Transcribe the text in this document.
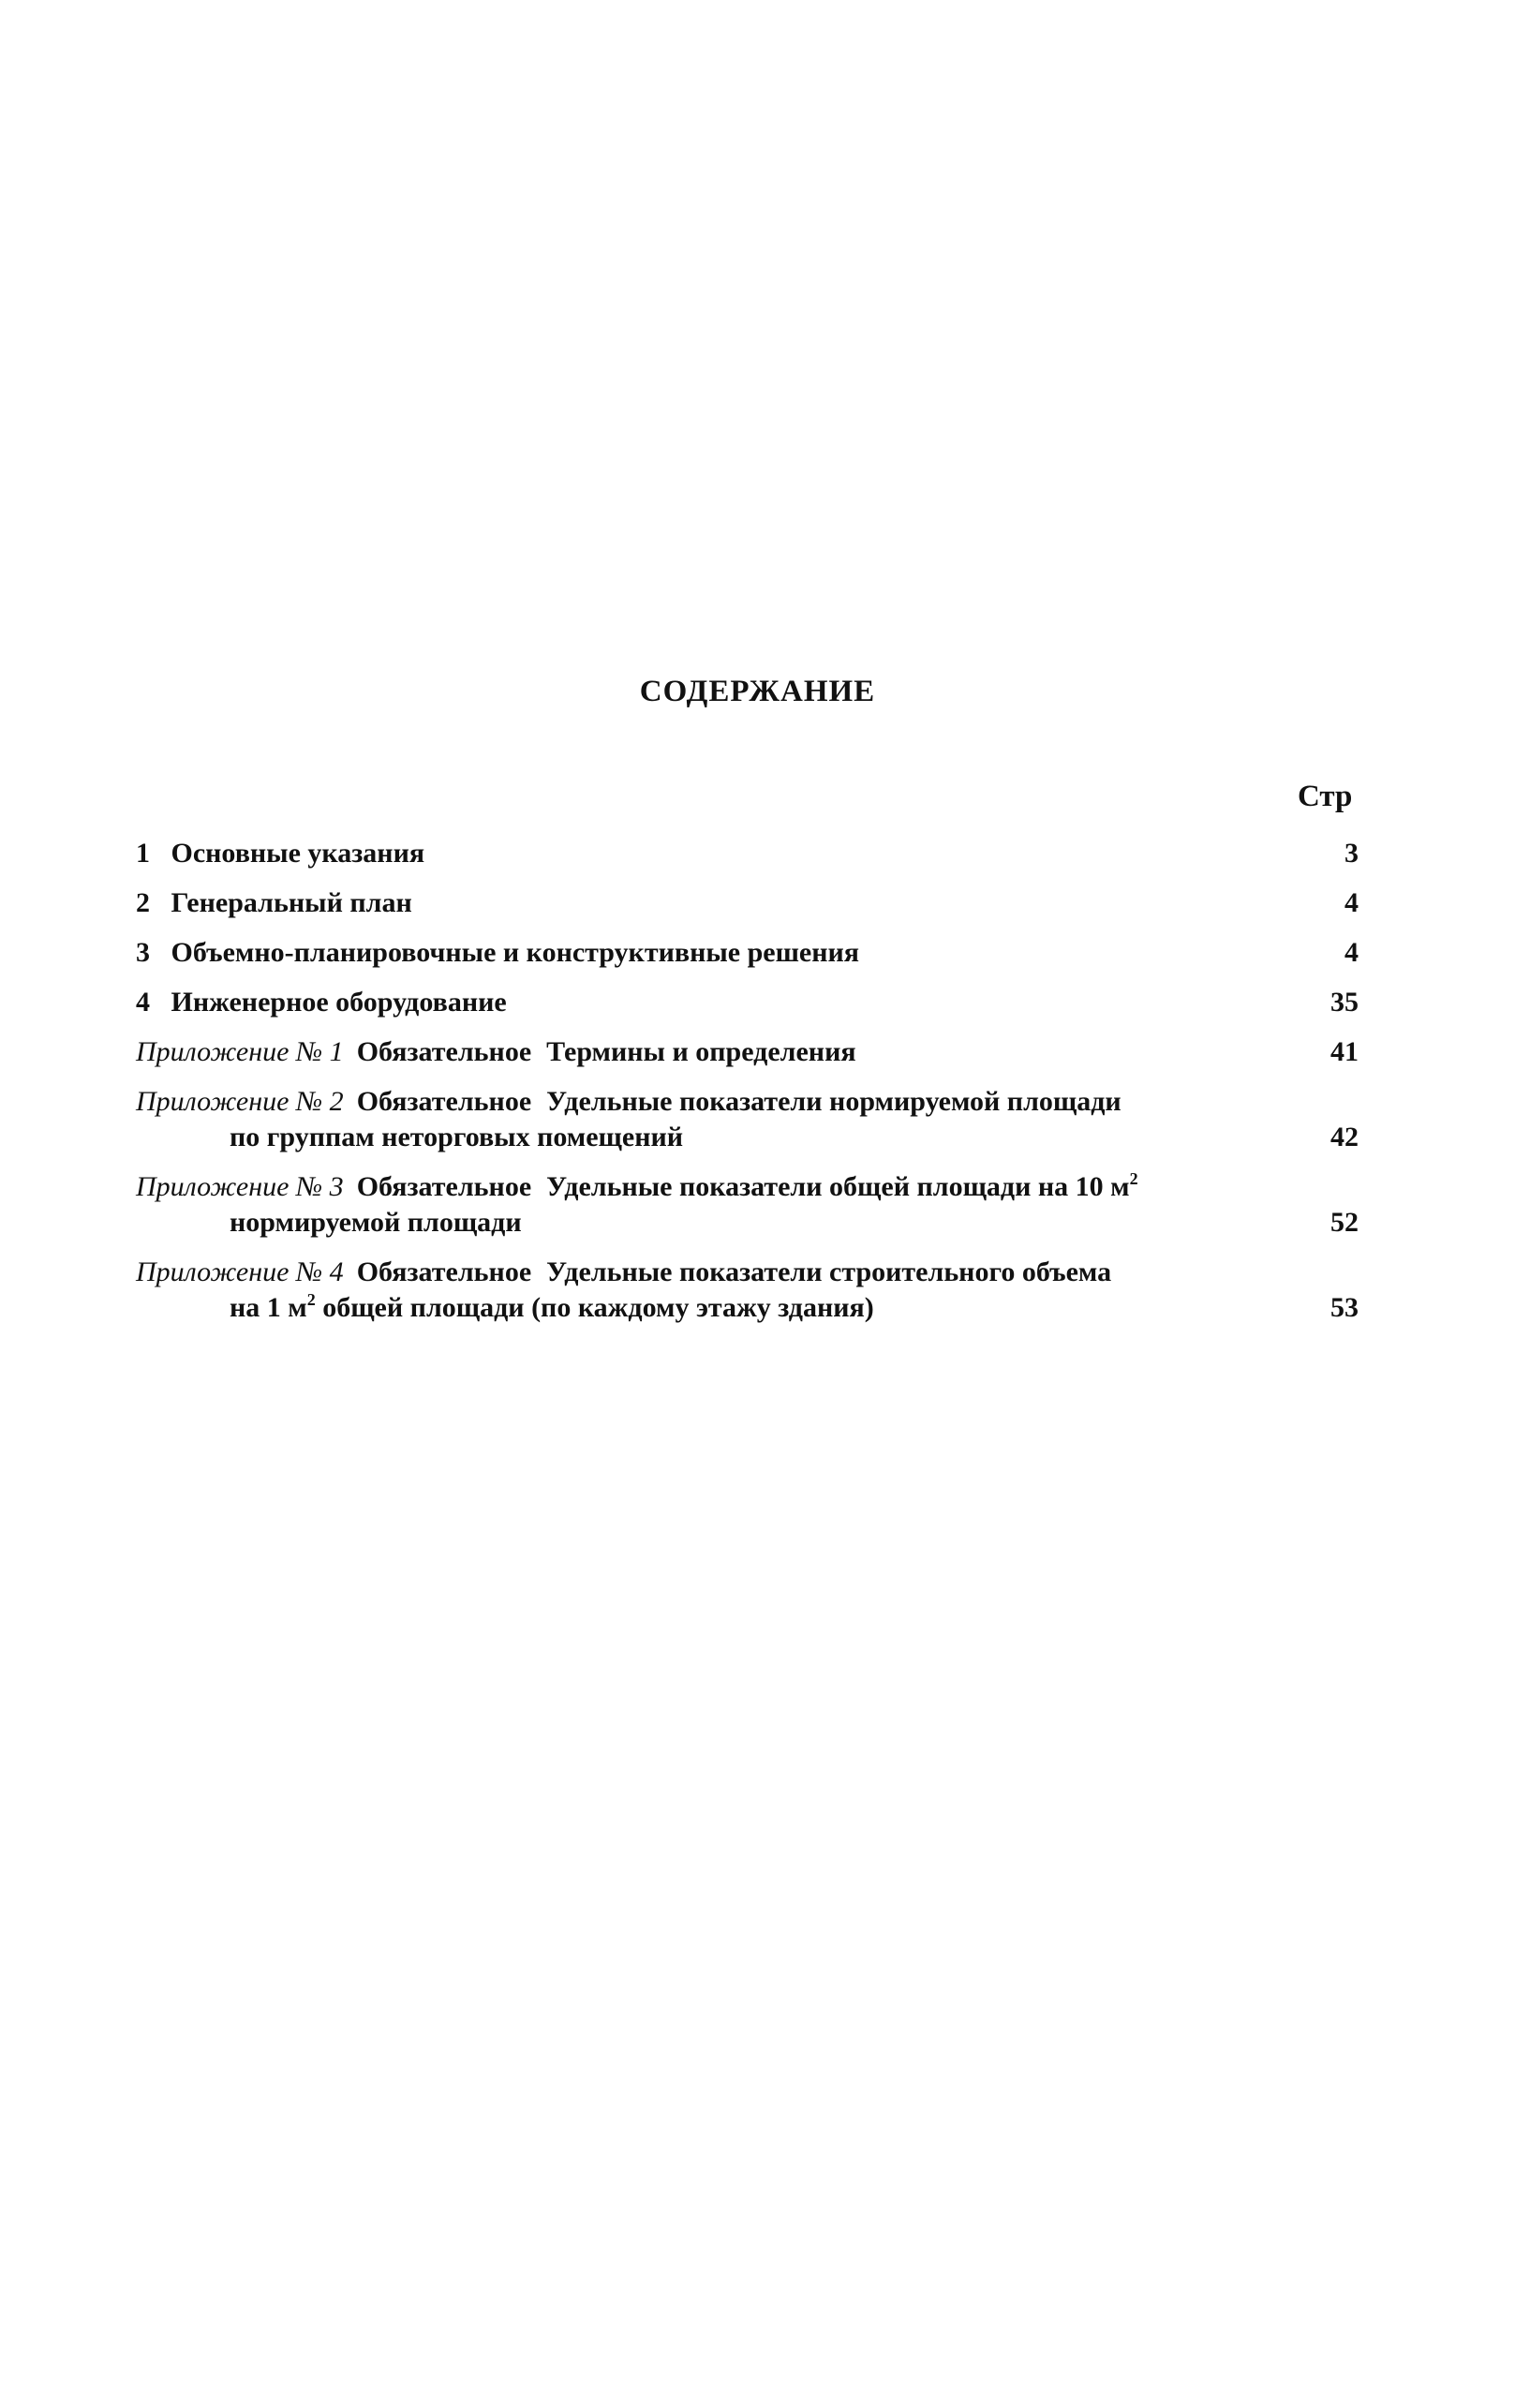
СОДЕРЖАНИЕ
Стр
1 Основные указания	3
2 Генеральный план	4
3 Объемно-планировочные и конструктивные решения	4
4 Инженерное оборудование	35
Приложение № 1 Обязательное Термины и определения	41
Приложение № 2 Обязательное Удельные показатели нормируемой площади
по группам неторговых помещений	42
Приложение № 3 Обязательное Удельные показатели общей площади на 10 $м^2$
нормируемой площади	52
Приложение № 4 Обязательное Удельные показатели строительного объема
на 1 $м^2$ общей площади (по каждому этажу здания)	53
